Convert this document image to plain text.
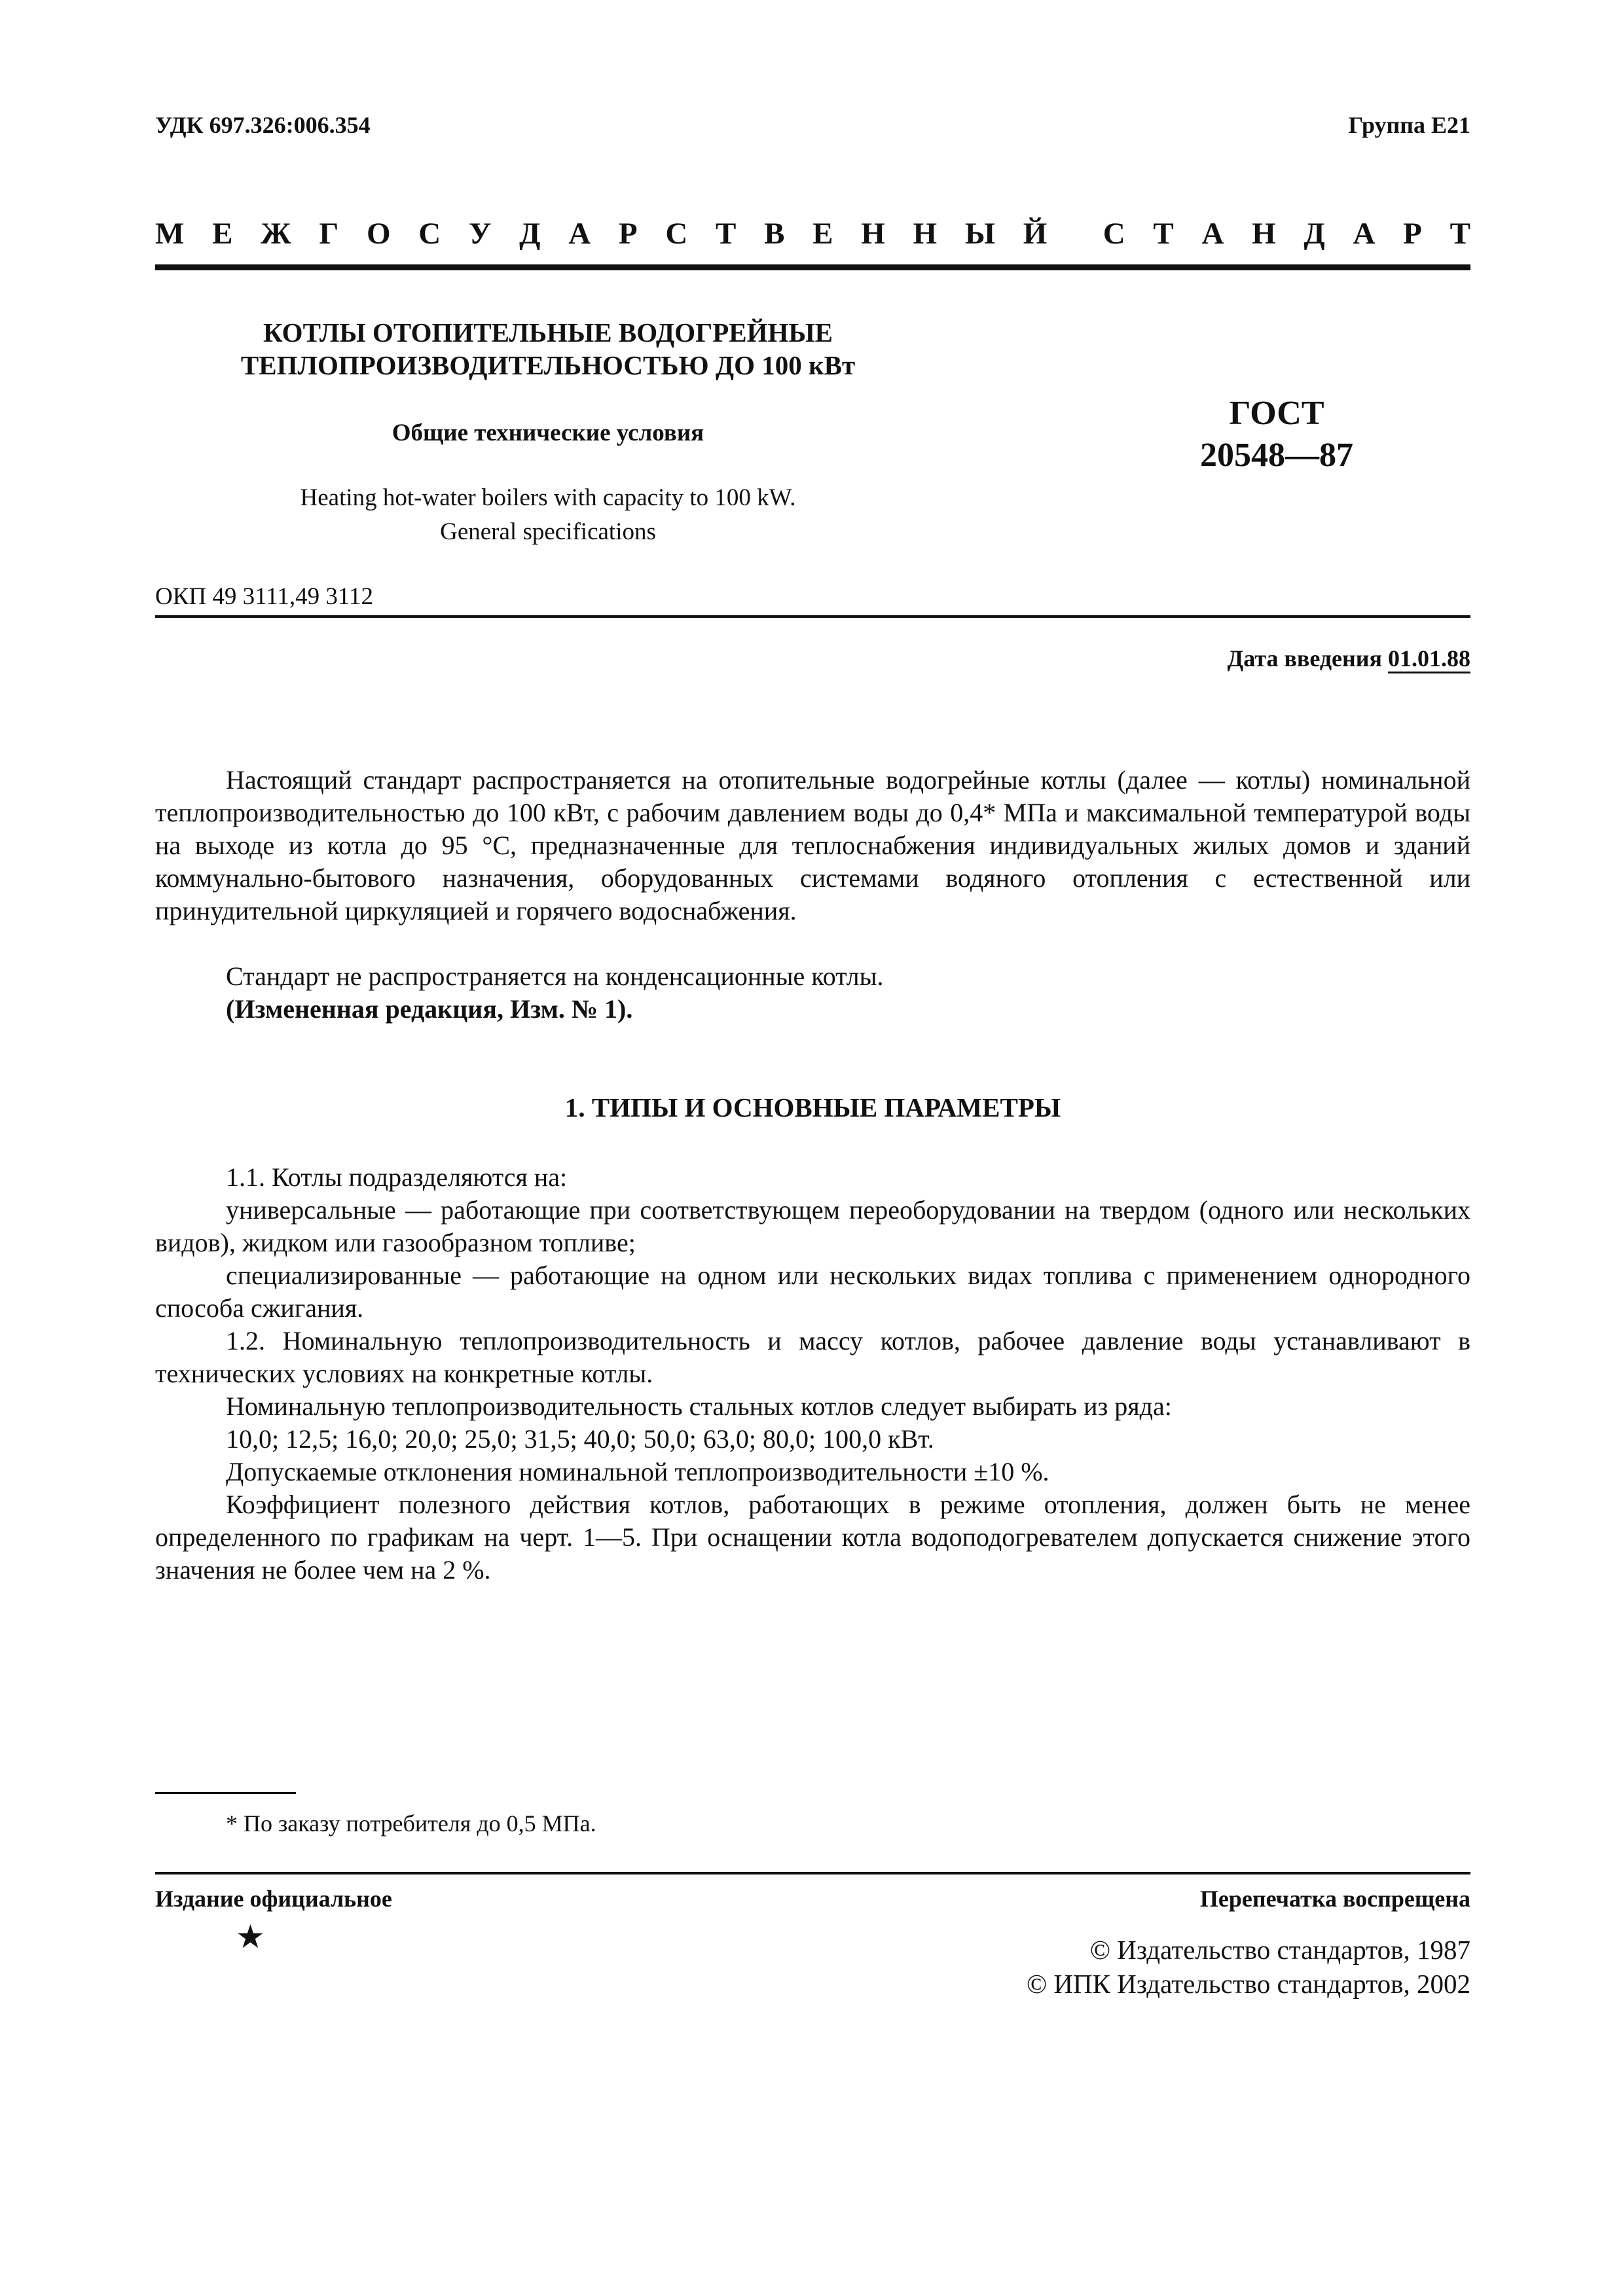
УДК 697.326:006.354	Группа Е21
М Е Ж Г О С У Д А Р С Т В Е Н Н Ы Й С Т А Н Д А Р Т
КОТЛЫ ОТОПИТЕЛЬНЫЕ ВОДОГРЕЙНЫЕ
ТЕПЛОПРОИЗВОДИТЕЛЬНОСТЬЮ ДО 100 кВт
ГОСТ
20548—87
Общие технические условия
Heating hot-water boilers with capacity to 100 kW.
General specifications
ОКП 49 3111,49 3112
Дата введения 01.01.88
Настоящий стандарт распространяется на отопительные водогрейные котлы (далее — котлы) номинальной теплопроизводительностью до 100 кВт, с рабочим давлением воды до 0,4* МПа и максимальной температурой воды на выходе из котла до 95 °С, предназначенные для теплоснабжения индивидуальных жилых домов и зданий коммунально-бытового назначения, оборудованных системами водяного отопления с естественной или принудительной циркуляцией и горячего водоснабжения.
Стандарт не распространяется на конденсационные котлы.
(Измененная редакция, Изм. № 1).
1. ТИПЫ И ОСНОВНЫЕ ПАРАМЕТРЫ
1.1. Котлы подразделяются на:
универсальные — работающие при соответствующем переоборудовании на твердом (одного или нескольких видов), жидком или газообразном топливе;
специализированные — работающие на одном или нескольких видах топлива с применением однородного способа сжигания.
1.2. Номинальную теплопроизводительность и массу котлов, рабочее давление воды устанавливают в технических условиях на конкретные котлы.
Номинальную теплопроизводительность стальных котлов следует выбирать из ряда:
10,0; 12,5; 16,0; 20,0; 25,0; 31,5; 40,0; 50,0; 63,0; 80,0; 100,0 кВт.
Допускаемые отклонения номинальной теплопроизводительности ±10 %.
Коэффициент полезного действия котлов, работающих в режиме отопления, должен быть не менее определенного по графикам на черт. 1—5. При оснащении котла водоподогревателем допускается снижение этого значения не более чем на 2 %.
* По заказу потребителя до 0,5 МПа.
Издание официальное	Перепечатка воспрещена
★	© Издательство стандартов, 1987
© ИПК Издательство стандартов, 2002
